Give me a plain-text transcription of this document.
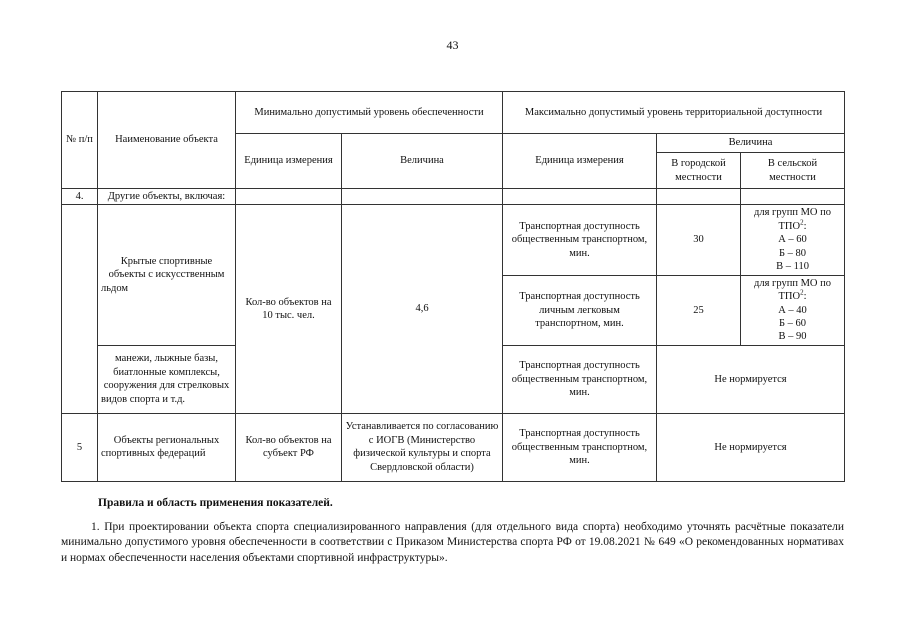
43
№ п/п	Наименование объекта	Минимально допустимый уровень обеспеченности		Максимально допустимый уровень территориальной доступности		
		Единица измерения	Величина	Единица измерения	Величина	
					В городской местности	В сельской местности
4.	Другие объекты, включая:					

	Крытые спортивные объекты с искусственным льдом	Кол-во объектов на 10 тыс. чел.	4,6	Транспортная доступность общественным транспортном, мин.	30	для групп МО по ТПО$^2$:
А – 60
Б – 80
В – 110

				Транспортная доступность личным легковым транспортном, мин.	25	для групп МО по ТПО$^2$:
А – 40
Б – 60
В – 90

	манежи, лыжные базы, биатлонные комплексы, сооружения для стрелковых видов спорта и т.д.			Транспортная доступность общественным транспортном, мин.	Не нормируется	
5	Объекты региональных спортивных федераций	Кол-во объектов на субъект РФ	Устанавливается по согласованию с ИОГВ (Министерство физической культуры и спорта Свердловской области)	Транспортная доступность общественным транспортном, мин.	Не нормируется	
Правила и область применения показателей.

1. При проектировании объекта спорта специализированного направления (для отдельного вида спорта) необходимо уточнять расчётные показатели минимально допустимого уровня обеспеченности в соответствии с Приказом Министерства спорта РФ от 19.08.2021 № 649 «О рекомендованных нормативах и нормах обеспеченности населения объектами спортивной инфраструктуры».
